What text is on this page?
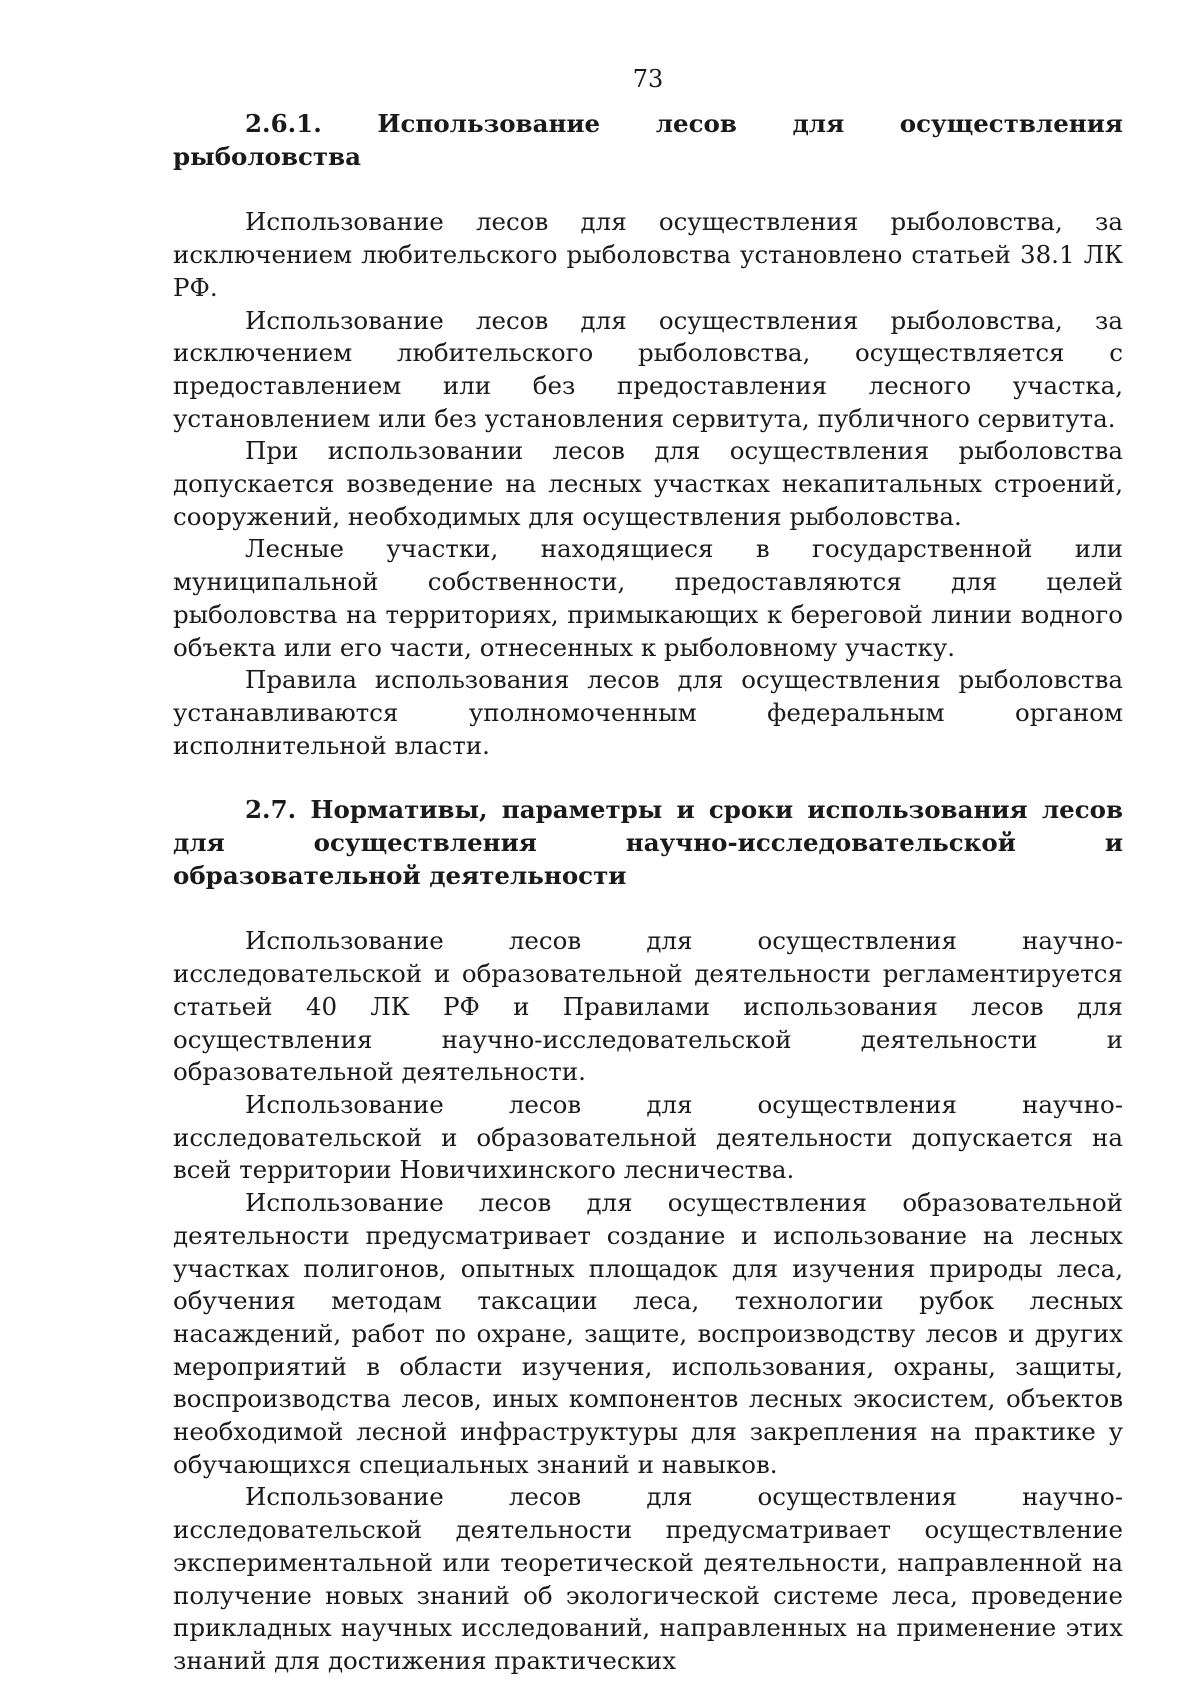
73

2.6.1. Использование лесов для осуществления рыболовства

Использование лесов для осуществления рыболовства, за исключением любительского рыболовства установлено статьей 38.1 ЛК РФ.

Использование лесов для осуществления рыболовства, за исключением любительского рыболовства, осуществляется с предоставлением или без предоставления лесного участка, установлением или без установления сервитута, публичного сервитута.

При использовании лесов для осуществления рыболовства допускается возведение на лесных участках некапитальных строений, сооружений, необходимых для осуществления рыболовства.

Лесные участки, находящиеся в государственной или муниципальной собственности, предоставляются для целей рыболовства на территориях, примыкающих к береговой линии водного объекта или его части, отнесенных к рыболовному участку.

Правила использования лесов для осуществления рыболовства устанавливаются уполномоченным федеральным органом исполнительной власти.

2.7. Нормативы, параметры и сроки использования лесов для осуществления научно-исследовательской и образовательной деятельности

Использование лесов для осуществления научно-исследовательской и образовательной деятельности регламентируется статьей 40 ЛК РФ и Правилами использования лесов для осуществления научно-исследовательской деятельности и образовательной деятельности.

Использование лесов для осуществления научно-исследовательской и образовательной деятельности допускается на всей территории Новичихинского лесничества.

Использование лесов для осуществления образовательной деятельности предусматривает создание и использование на лесных участках полигонов, опытных площадок для изучения природы леса, обучения методам таксации леса, технологии рубок лесных насаждений, работ по охране, защите, воспроизводству лесов и других мероприятий в области изучения, использования, охраны, защиты, воспроизводства лесов, иных компонентов лесных экосистем, объектов необходимой лесной инфраструктуры для закрепления на практике у обучающихся специальных знаний и навыков.

Использование лесов для осуществления научно-исследовательской деятельности предусматривает осуществление экспериментальной или теоретической деятельности, направленной на получение новых знаний об экологической системе леса, проведение прикладных научных исследований, направленных на применение этих знаний для достижения практических
